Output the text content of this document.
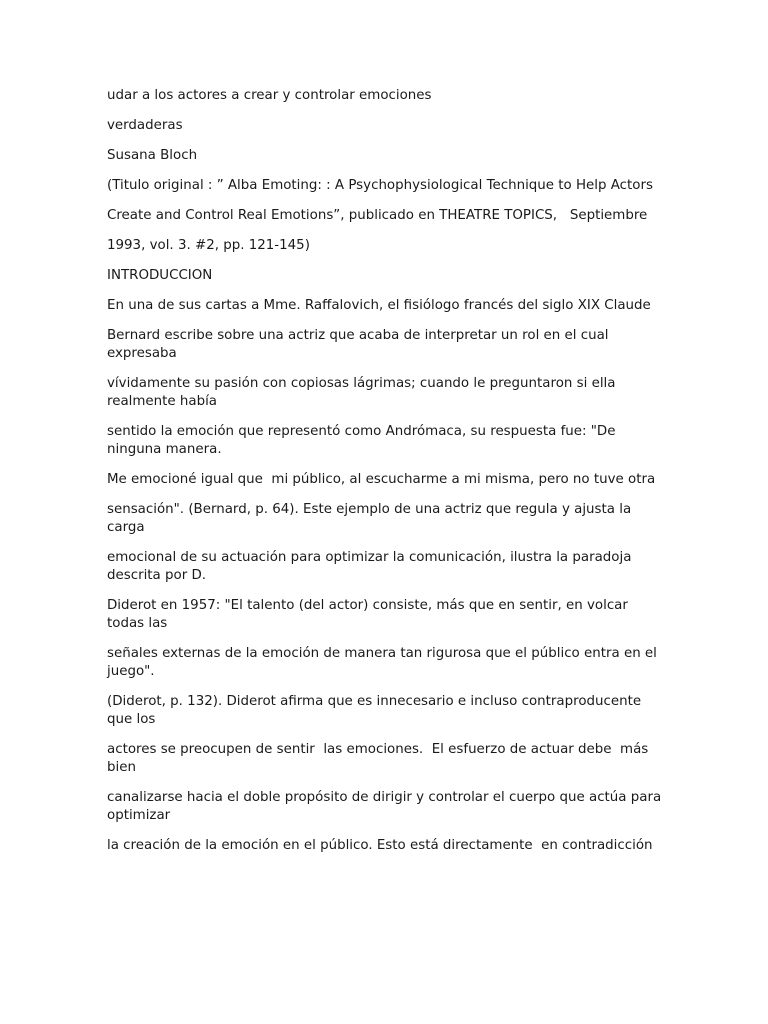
udar a los actores a crear y controlar emociones

verdaderas

Susana Bloch

(Titulo original : ” Alba Emoting: : A Psychophysiological Technique to Help Actors

Create and Control Real Emotions”, publicado en THEATRE TOPICS,   Septiembre

1993, vol. 3. #2, pp. 121-145)

INTRODUCCION

En una de sus cartas a Mme. Raffalovich, el fisiólogo francés del siglo XIX Claude

Bernard escribe sobre una actriz que acaba de interpretar un rol en el cual expresaba

vívidamente su pasión con copiosas lágrimas; cuando le preguntaron si ella realmente había

sentido la emoción que representó como Andrómaca, su respuesta fue: "De ninguna manera.

Me emocioné igual que  mi público, al escucharme a mi misma, pero no tuve otra

sensación". (Bernard, p. 64). Este ejemplo de una actriz que regula y ajusta la carga

emocional de su actuación para optimizar la comunicación, ilustra la paradoja descrita por D.

Diderot en 1957: "El talento (del actor) consiste, más que en sentir, en volcar todas las

señales externas de la emoción de manera tan rigurosa que el público entra en el juego".

(Diderot, p. 132). Diderot afirma que es innecesario e incluso contraproducente que los

actores se preocupen de sentir  las emociones.  El esfuerzo de actuar debe  más bien

canalizarse hacia el doble propósito de dirigir y controlar el cuerpo que actúa para optimizar

la creación de la emoción en el público. Esto está directamente  en contradicción
